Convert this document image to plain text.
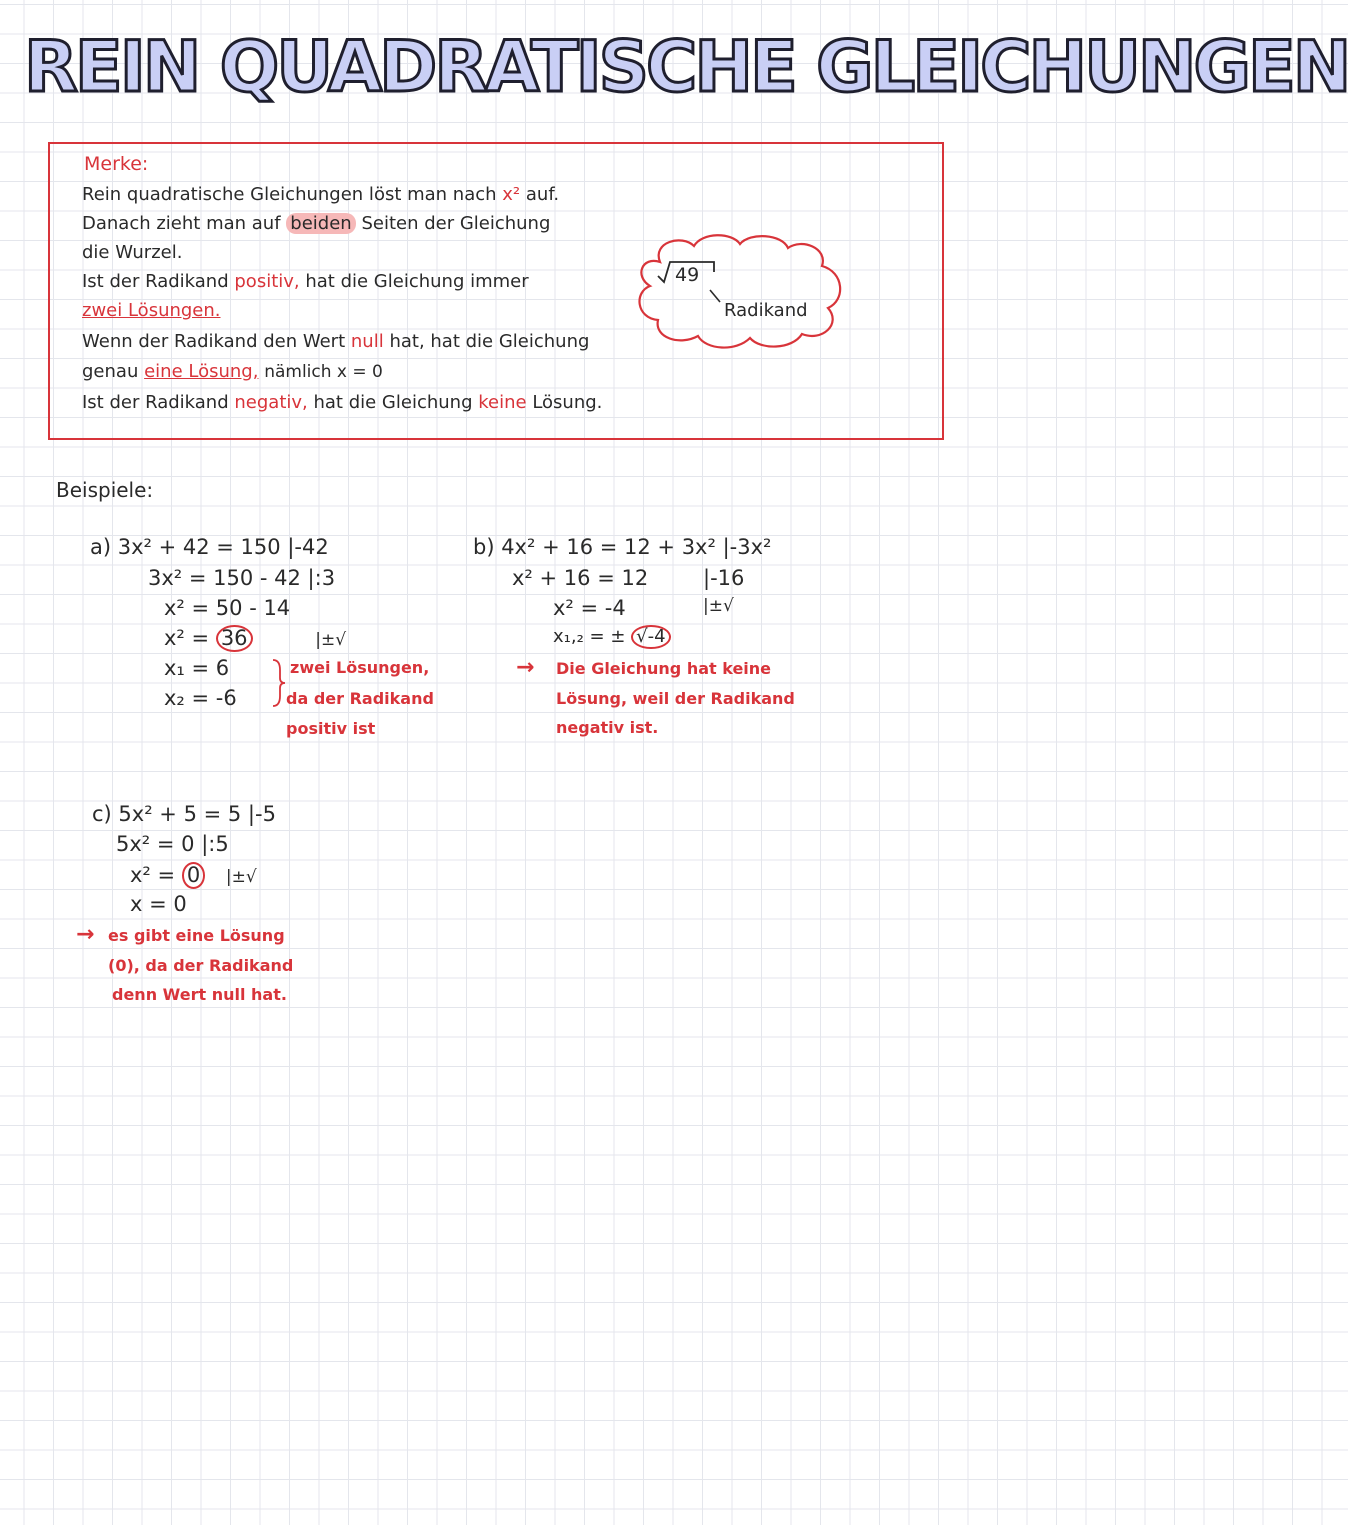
REIN QUADRATISCHE GLEICHUNGEN
Merke:
Rein quadratische Gleichungen löst man nach x² auf.
Danach zieht man auf beiden Seiten der Gleichung
die Wurzel.
Ist der Radikand positiv, hat die Gleichung immer
zwei Lösungen.
Wenn der Radikand den Wert null hat, hat die Gleichung
genau eine Lösung, nämlich x = 0
Ist der Radikand negativ, hat die Gleichung keine Lösung.
49
Radikand
Beispiele:
a) 3x² + 42 = 150 |-42
3x² = 150 - 42 |:3
x² = 50 - 14
x² = 36	|±√
x₁ = 6
x₂ = -6
zwei Lösungen,
da der Radikand
positiv ist
b) 4x² + 16 = 12 + 3x² |-3x²
x² + 16 = 12	|-16
x² = -4	|±√
x₁,₂ = ± √-4
→ Die Gleichung hat keine
Lösung, weil der Radikand
negativ ist.
c) 5x² + 5 = 5 |-5
5x² = 0 |:5
x² = 0 |±√
x = 0
→ es gibt eine Lösung
(0), da der Radikand
denn Wert null hat.
